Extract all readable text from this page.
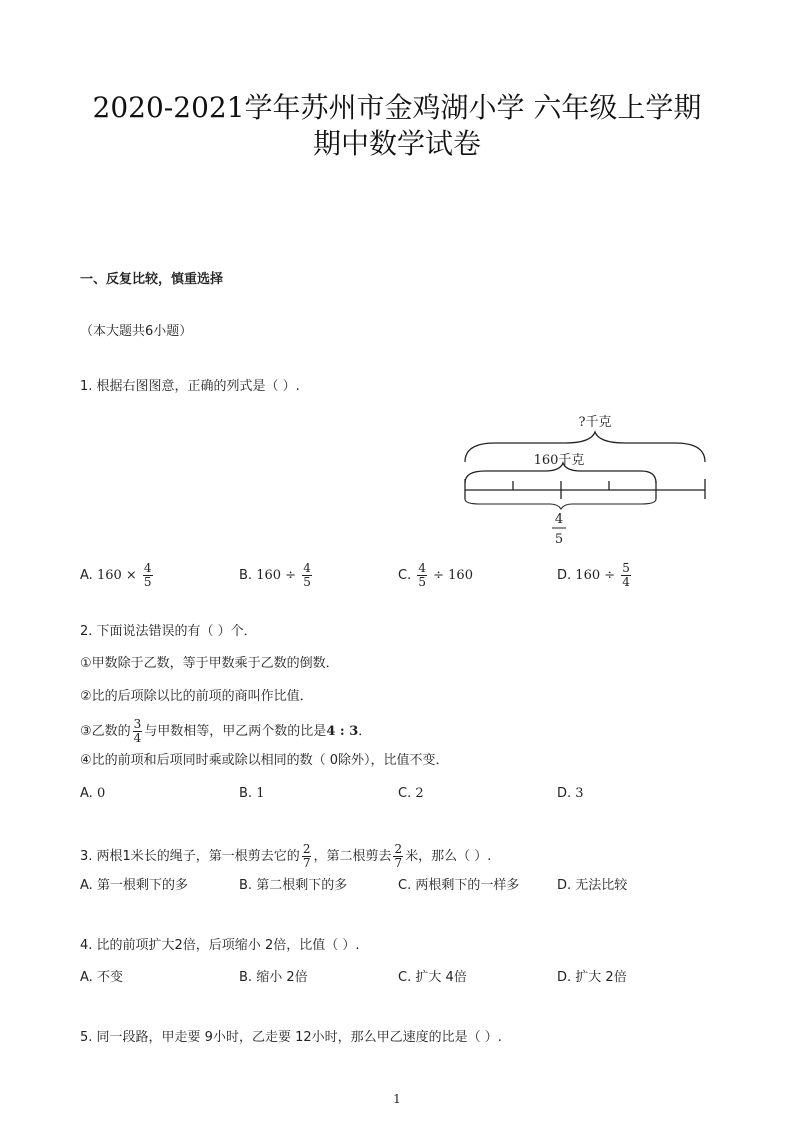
2020-2021学年苏州市金鸡湖小学 六年级上学期
期中数学试卷
一、反复比较，慎重选择
（本大题共6小题）
1. 根据右图图意，正确的列式是（ ）.
?千克
160千克
4
5
A. $160 \times \frac{4}{5}$	B. $160 \div \frac{4}{5}$	C. $\frac{4}{5} \div 160$	D. $160 \div \frac{5}{4}$
2. 下面说法错误的有（ ）个．
①甲数除于乙数，等于甲数乘于乙数的倒数．
②比的后项除以比的前项的商叫作比值．
③乙数的 $\frac{3}{4}$ 与甲数相等，甲乙两个数的比是4 : 3．
④比的前项和后项同时乘或除以相同的数（ 0除外），比值不变．
A. 0	B. 1	C. 2	D. 3
3. 两根1米长的绳子，第一根剪去它的 $\frac{2}{7}$ ，第二根剪去 $\frac{2}{7}$ 米，那么（ ）.
A. 第一根剩下的多	B. 第二根剩下的多	C. 两根剩下的一样多	D. 无法比较
4. 比的前项扩大2倍，后项缩小 2倍，比值（ ）.
A. 不变	B. 缩小 2倍	C. 扩大 4倍	D. 扩大 2倍
5. 同一段路，甲走要 9小时，乙走要 12小时，那么甲乙速度的比是（ ）.
1
